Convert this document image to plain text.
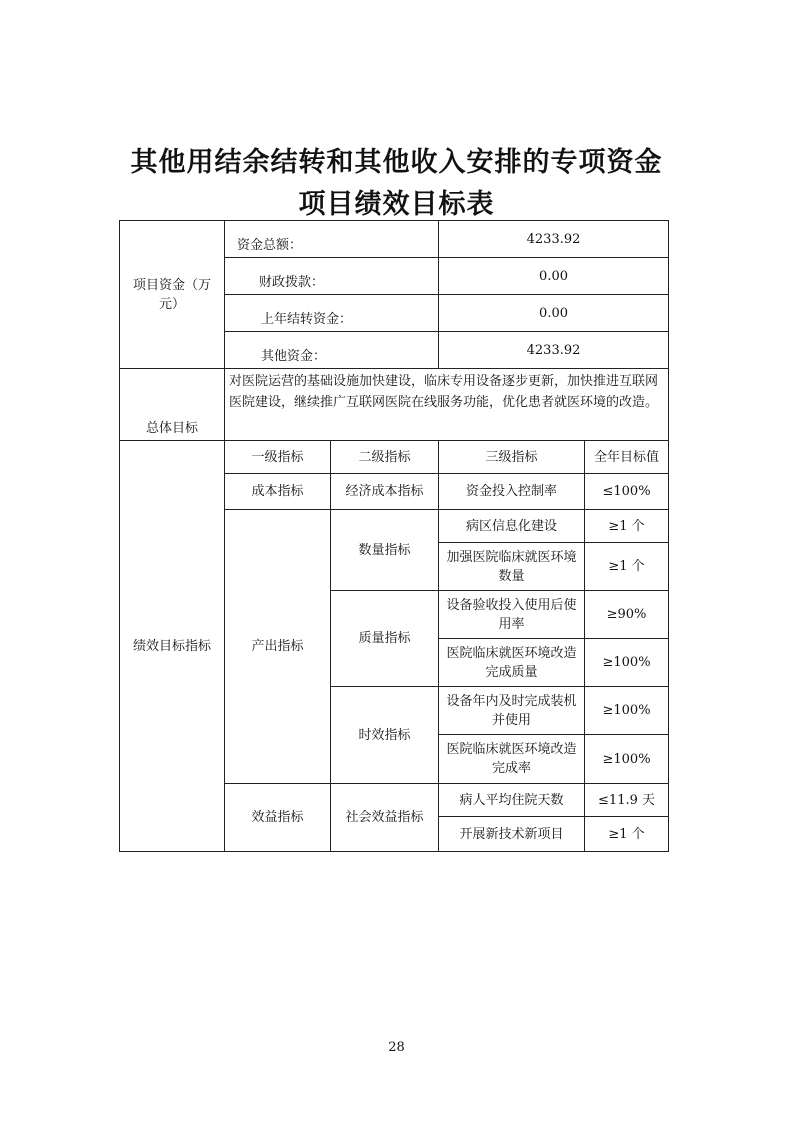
其他用结余结转和其他收入安排的专项资金
项目绩效目标表
项目资金（万元）	资金总额：		4233.92	
	财政拨款：		0.00	
	上年结转资金：		0.00	
	其他资金：		4233.92	
总体目标	对医院运营的基础设施加快建设，临床专用设备逐步更新，加快推进互联网医院建设，继续推广互联网医院在线服务功能，优化患者就医环境的改造。			
绩效目标指标	一级指标	二级指标	三级指标	全年目标值
	成本指标	经济成本指标	资金投入控制率	≤100%
	产出指标	数量指标	病区信息化建设	≥1 个
			加强医院临床就医环境数量	≥1 个
		质量指标	设备验收投入使用后使用率	≥90%
			医院临床就医环境改造完成质量	≥100%
		时效指标	设备年内及时完成装机并使用	≥100%
			医院临床就医环境改造完成率	≥100%
	效益指标	社会效益指标	病人平均住院天数	≤11.9 天
			开展新技术新项目	≥1 个
28
